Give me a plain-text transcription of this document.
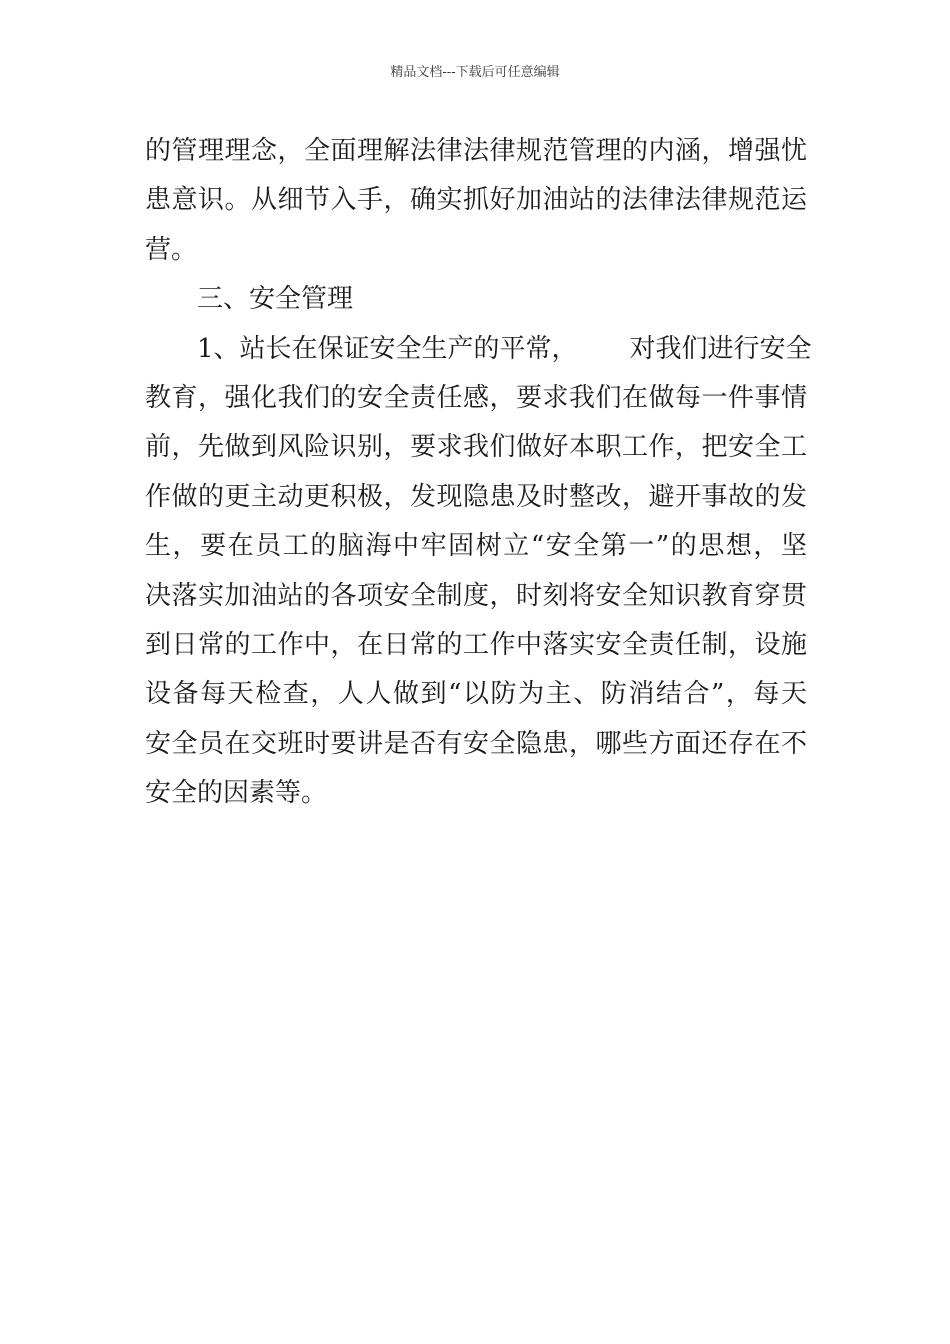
精品文档---下载后可任意编辑
的管理理念，全面理解法律法律规范管理的内涵，增强忧
患意识。从细节入手，确实抓好加油站的法律法律规范运
营。
三、安全管理
1、站长在保证安全生产的平常， 对我们进行安全
教育，强化我们的安全责任感，要求我们在做每一件事情
前，先做到风险识别，要求我们做好本职工作，把安全工
作做的更主动更积极，发现隐患及时整改，避开事故的发
生，要在员工的脑海中牢固树立“安全第一”的思想，坚
决落实加油站的各项安全制度，时刻将安全知识教育穿贯
到日常的工作中，在日常的工作中落实安全责任制，设施
设备每天检查，人人做到“以防为主、防消结合”，每天
安全员在交班时要讲是否有安全隐患，哪些方面还存在不
安全的因素等。
